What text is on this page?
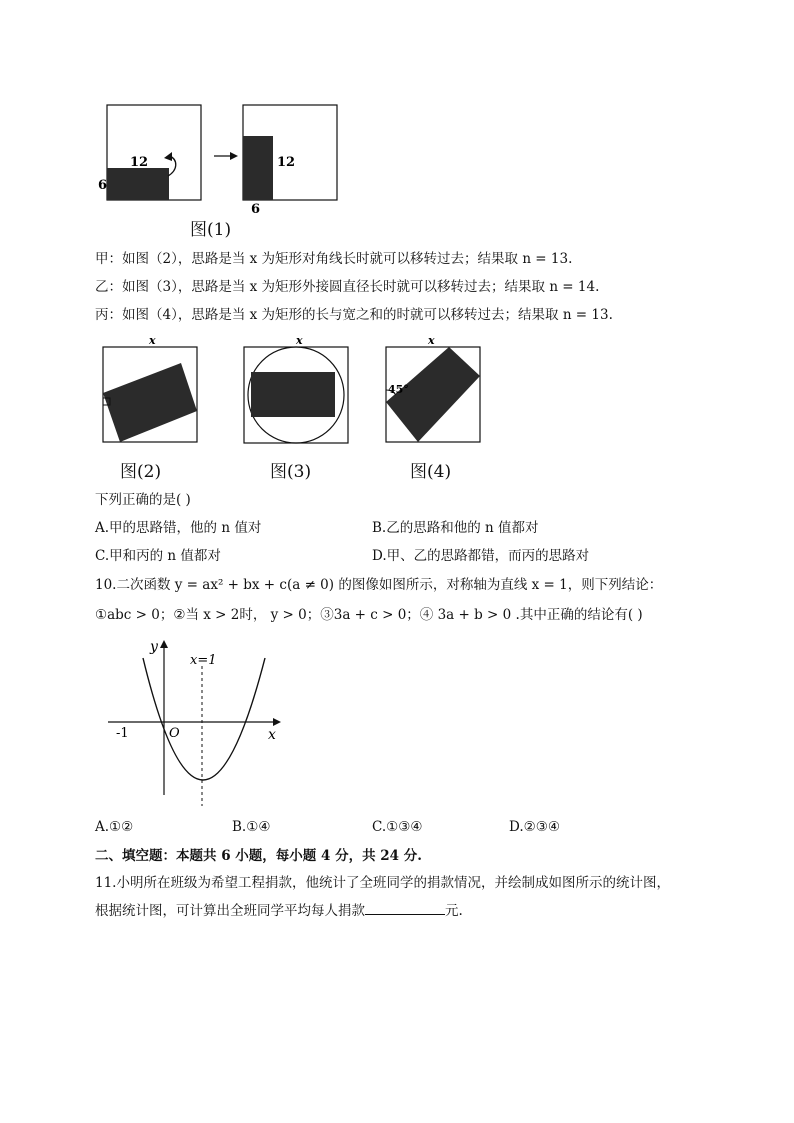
12
6
12
6
图(1)
甲：如图（2），思路是当 x 为矩形对角线长时就可以移转过去；结果取 n = 13.
乙：如图（3），思路是当 x 为矩形外接圆直径长时就可以移转过去；结果取 n = 14.
丙：如图（4），思路是当 x 为矩形的长与宽之和的时就可以移转过去；结果取 n = 13.
x	x
45°
x
图(2)	图(3)	图(4)
下列正确的是( )
A.甲的思路错，他的 n 值对	B.乙的思路和他的 n 值都对
C.甲和丙的 n 值都对	D.甲、乙的思路都错，而丙的思路对
10.二次函数 y = ax² + bx + c(a ≠ 0) 的图像如图所示，对称轴为直线 x = 1，则下列结论：
①abc > 0；②当 x > 2时， y > 0；③3a + c > 0；④ 3a + b > 0 .其中正确的结论有( )
y
x
O
-1
x=1
A.①②	B.①④	C.①③④	D.②③④
二、填空题：本题共 6 小题，每小题 4 分，共 24 分.
11.小明所在班级为希望工程捐款，他统计了全班同学的捐款情况，并绘制成如图所示的统计图，
根据统计图，可计算出全班同学平均每人捐款	元.
